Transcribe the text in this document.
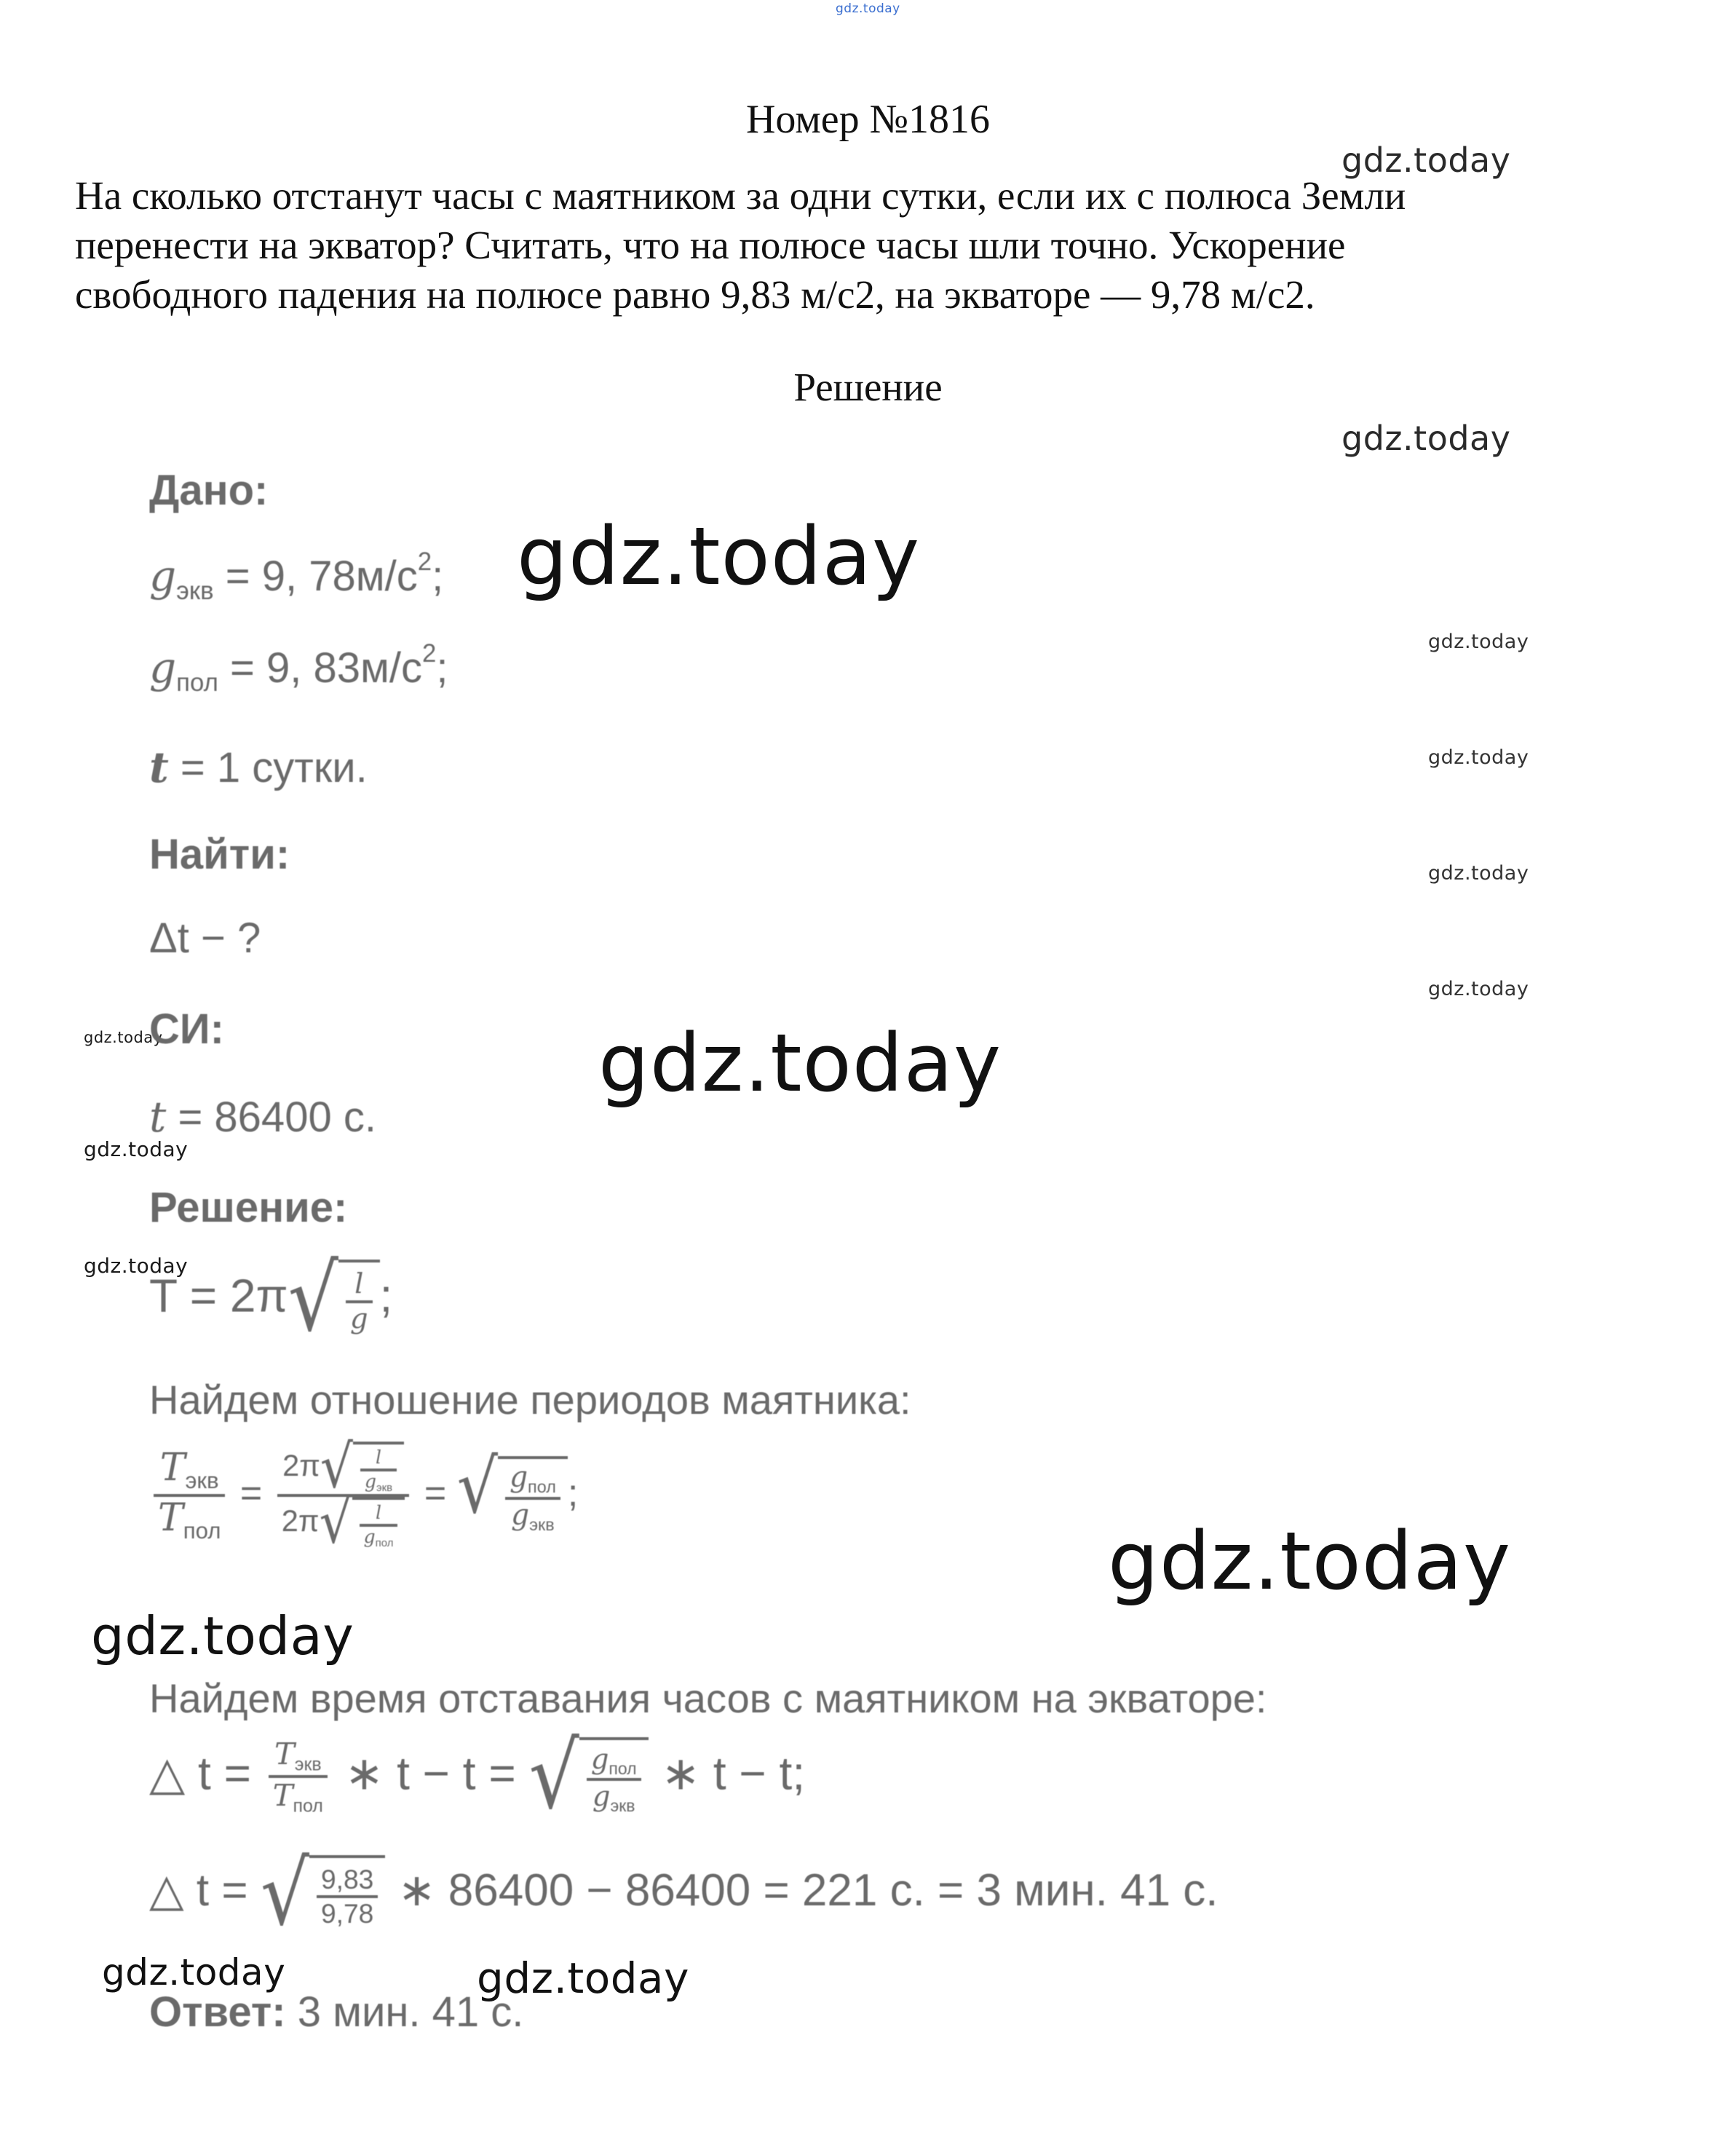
gdz.today
Номер №1816
gdz.today
На сколько отстанут часы с маятником за одни сутки, если их с полюса Земли
перенести на экватор? Считать, что на полюсе часы шли точно. Ускорение
свободного падения на полюсе равно 9,83 м/с2, на экваторе — 9,78 м/с2.
Решение
gdz.today
Дано:
$g_{экв} = 9$, $78м/с^2$; gdz.today
gdz.today
$g_{пол} = 9$, $83м/с^2$;
gdz.today
t = 1 сутки.
Найти:	gdz.today
Δt − ?
gdz.today
gdz.today
СИ:	gdz.today
t = 86400 с.
gdz.today
Решение:
gdz.today
T = 2π √ $\frac{l}{g}$ ;
Найдем отношение периодов маятника:
$\frac{T_{экв}}{T_{пол}} = \frac{2\pi √ \frac{l}{g_{экв}}}{2\pi √ \frac{l}{g_{пол}}}$ = √ $\frac{g_{пол}}{g_{экв}}$ ;
gdz.today
gdz.today
Найдем время отставания часов с маятником на экваторе:
△ $t = \frac{T_{экв}}{T_{пол}}$ ∗ t − t = √ $\frac{g_{пол}}{g_{экв}}$ ∗ t − t;
△ t = √ $\frac{9,83}{9,78}$ ∗ 86400 − 86400 = 221 с. = 3 мин. 41 с.
gdz.today	gdz.today
Ответ: 3 мин. 41 с.
